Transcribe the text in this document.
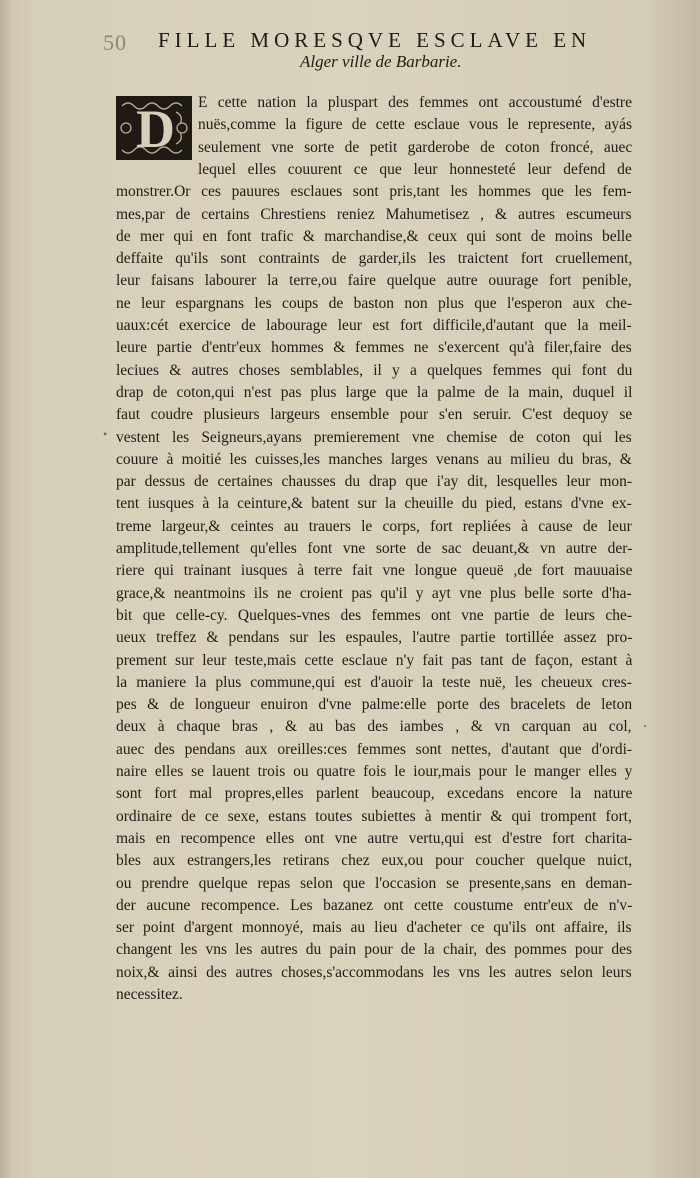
50 FILLE MORESQVE ESCLAVE EN
Alger ville de Barbarie.
D
•
.
E cette nation la pluspart des femmes ont accoustumé d'estre
nuës,comme la figure de cette esclaue vous le represente, ayás
seulement vne sorte de petit garderobe de coton froncé, auec
lequel elles couurent ce que leur honnesteté leur defend de
monstrer.Or ces pauures esclaues sont pris,tant les hommes que les fem-
mes,par de certains Chrestiens reniez Mahumetisez , & autres escumeurs
de mer qui en font trafic & marchandise,& ceux qui sont de moins belle
deffaite qu'ils sont contraints de garder,ils les traictent fort cruellement,
leur faisans labourer la terre,ou faire quelque autre ouurage fort penible,
ne leur espargnans les coups de baston non plus que l'esperon aux che-
uaux:cét exercice de labourage leur est fort difficile,d'autant que la meil-
leure partie d'entr'eux hommes & femmes ne s'exercent qu'à filer,faire des
leciues & autres choses semblables, il y a quelques femmes qui font du
drap de coton,qui n'est pas plus large que la palme de la main, duquel il
faut coudre plusieurs largeurs ensemble pour s'en seruir. C'est dequoy se
vestent les Seigneurs,ayans premierement vne chemise de coton qui les
couure à moitié les cuisses,les manches larges venans au milieu du bras, &
par dessus de certaines chausses du drap que i'ay dit, lesquelles leur mon-
tent iusques à la ceinture,& batent sur la cheuille du pied, estans d'vne ex-
treme largeur,& ceintes au trauers le corps, fort repliées à cause de leur
amplitude,tellement qu'elles font vne sorte de sac deuant,& vn autre der-
riere qui trainant iusques à terre fait vne longue queuë ,de fort mauuaise
grace,& neantmoins ils ne croient pas qu'il y ayt vne plus belle sorte d'ha-
bit que celle-cy. Quelques-vnes des femmes ont vne partie de leurs che-
ueux treffez & pendans sur les espaules, l'autre partie tortillée assez pro-
prement sur leur teste,mais cette esclaue n'y fait pas tant de façon, estant à
la maniere la plus commune,qui est d'auoir la teste nuë, les cheueux cres-
pes & de longueur enuiron d'vne palme:elle porte des bracelets de leton
deux à chaque bras , & au bas des iambes , & vn carquan au col,
auec des pendans aux oreilles:ces femmes sont nettes, d'autant que d'ordi-
naire elles se lauent trois ou quatre fois le iour,mais pour le manger elles y
sont fort mal propres,elles parlent beaucoup, excedans encore la nature
ordinaire de ce sexe, estans toutes subiettes à mentir & qui trompent fort,
mais en recompence elles ont vne autre vertu,qui est d'estre fort charita-
bles aux estrangers,les retirans chez eux,ou pour coucher quelque nuict,
ou prendre quelque repas selon que l'occasion se presente,sans en deman-
der aucune recompence. Les bazanez ont cette coustume entr'eux de n'v-
ser point d'argent monnoyé, mais au lieu d'acheter ce qu'ils ont affaire, ils
changent les vns les autres du pain pour de la chair, des pommes pour des
noix,& ainsi des autres choses,s'accommodans les vns les autres selon leurs
necessitez.
